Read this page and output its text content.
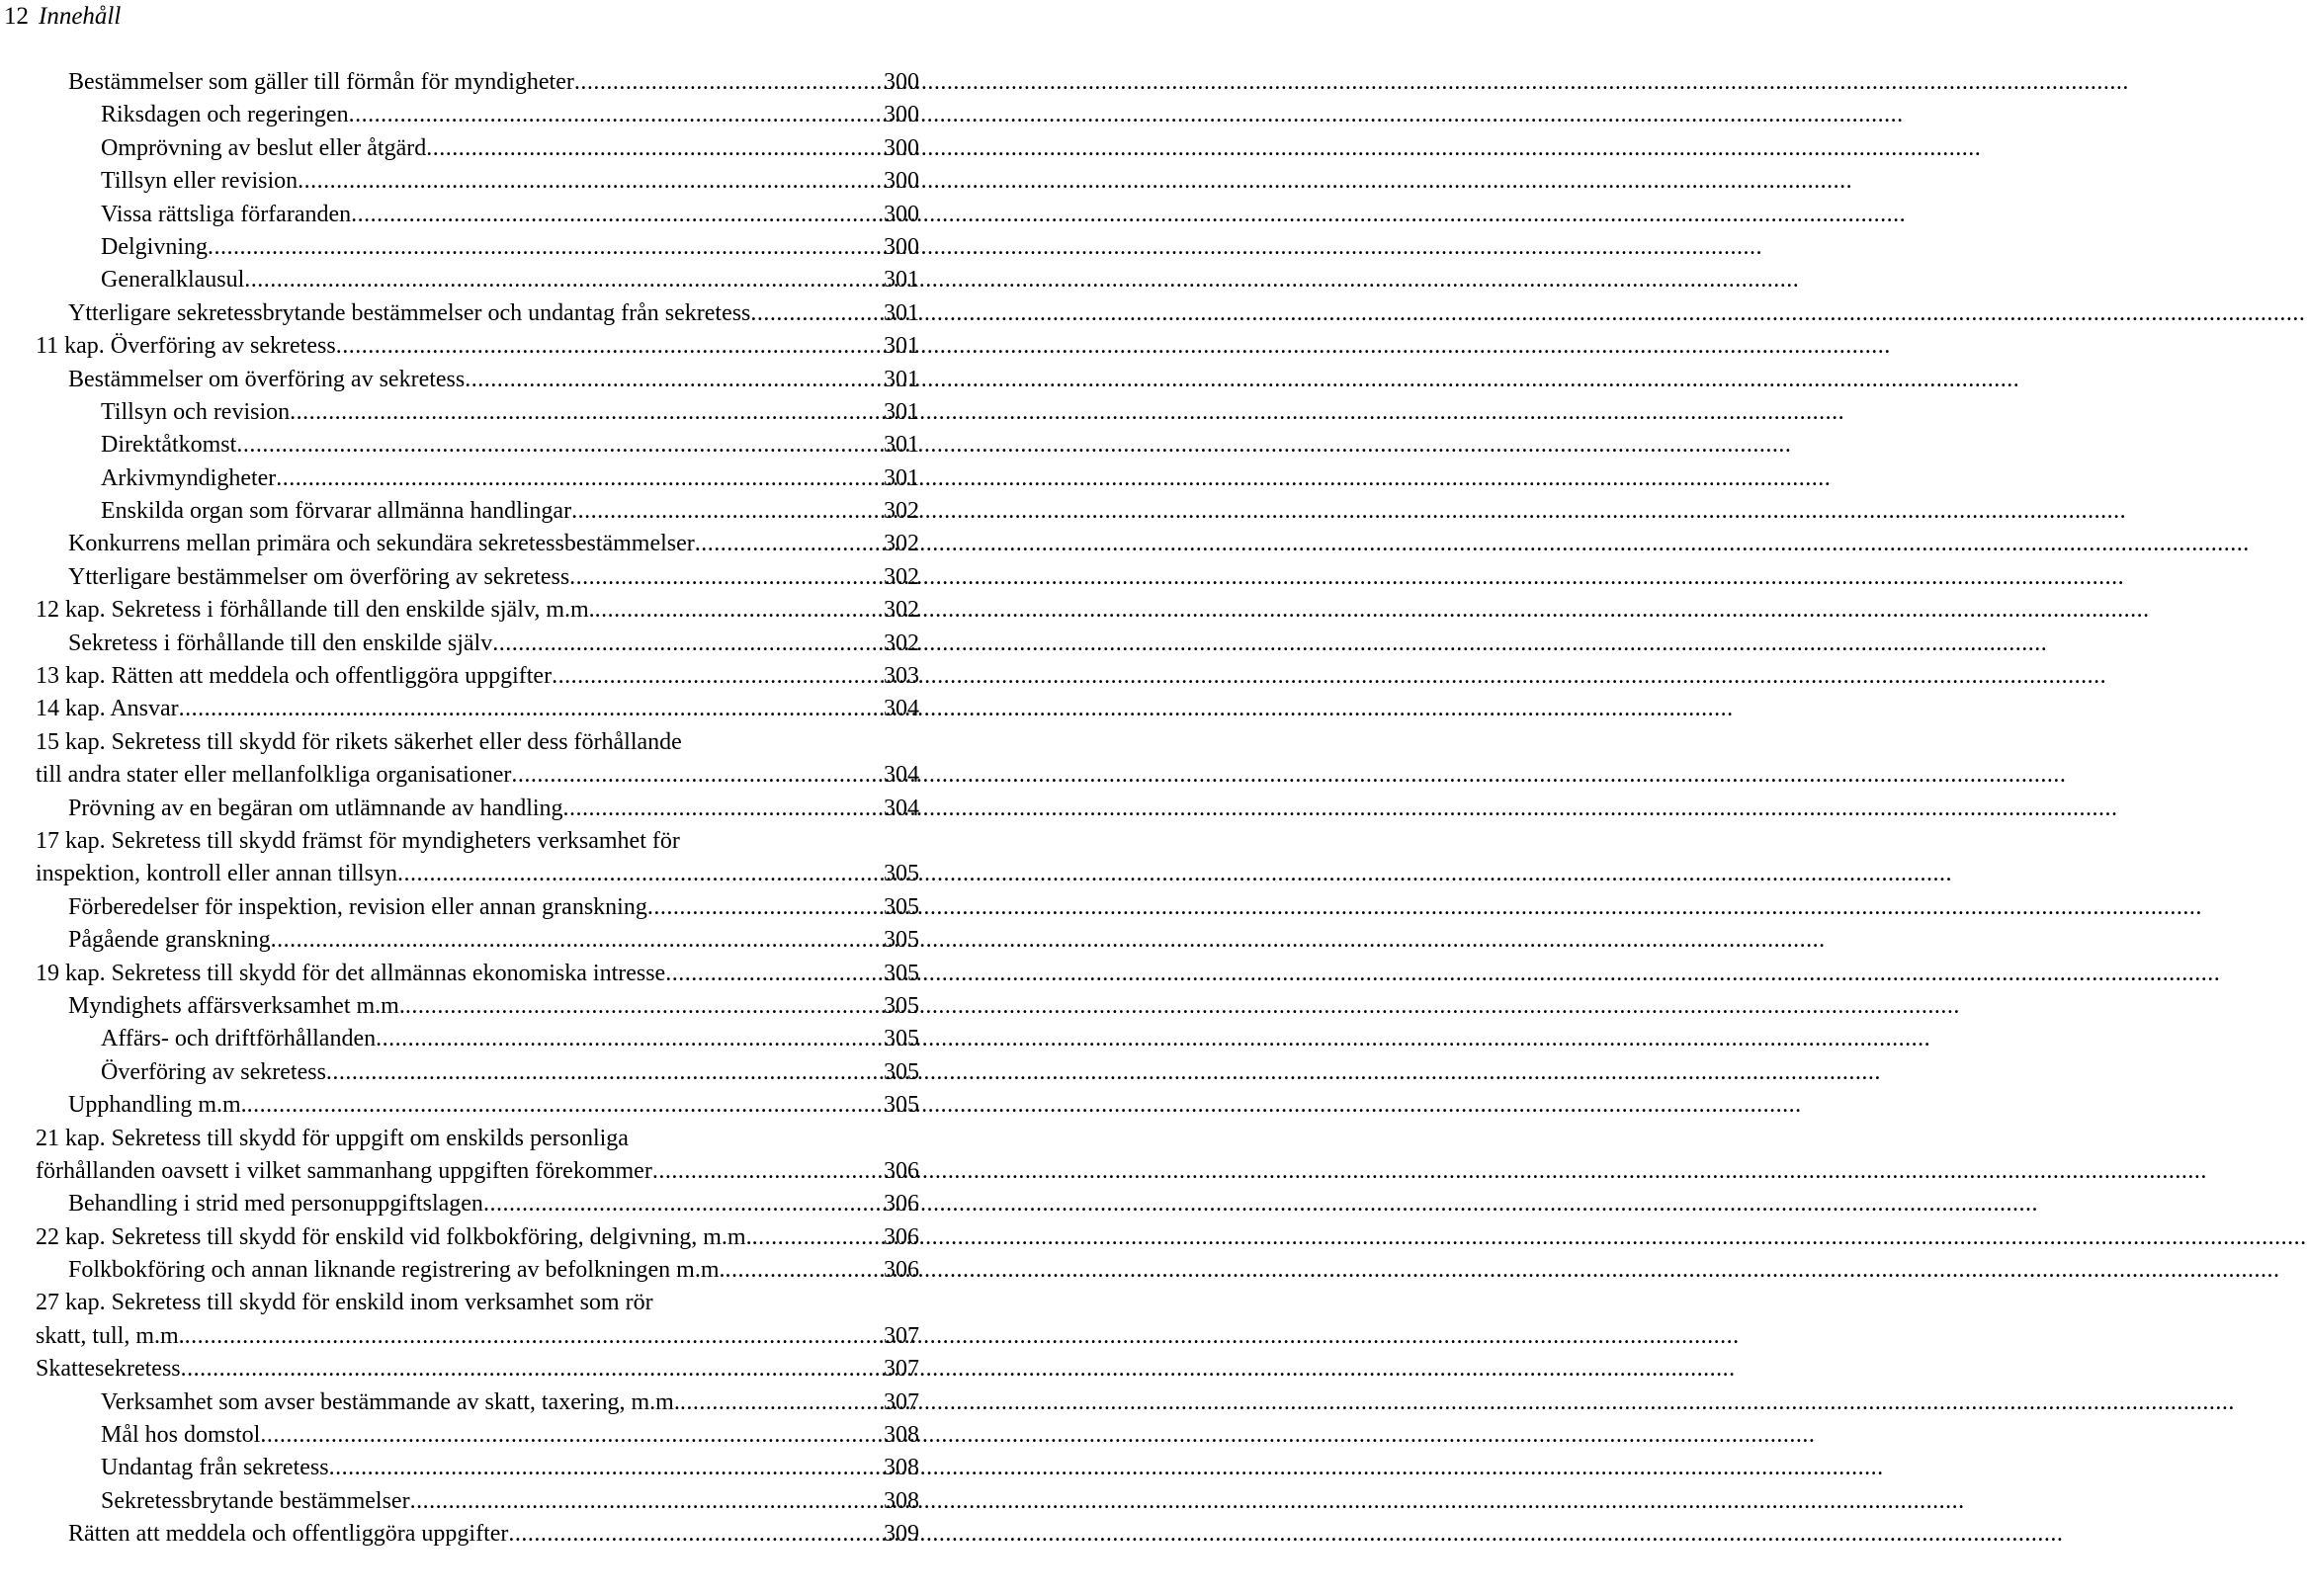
12 Innehåll
Bestämmelser som gäller till förmån för myndigheter .....	300
Riksdagen och regeringen .....	300
Omprövning av beslut eller åtgärd .....	300
Tillsyn eller revision .....	300
Vissa rättsliga förfaranden .....	300
Delgivning .....	300
Generalklausul .....	301
Ytterligare sekretessbrytande bestämmelser och undantag från sekretess .....	301
11 kap. Överföring av sekretess .....	301
Bestämmelser om överföring av sekretess .....	301
Tillsyn och revision .....	301
Direktåtkomst .....	301
Arkivmyndigheter .....	301
Enskilda organ som förvarar allmänna handlingar .....	302
Konkurrens mellan primära och sekundära sekretessbestämmelser .....	302
Ytterligare bestämmelser om överföring av sekretess .....	302
12 kap. Sekretess i förhållande till den enskilde själv, m.m. .....	302
Sekretess i förhållande till den enskilde själv .....	302
13 kap. Rätten att meddela och offentliggöra uppgifter .....	303
14 kap. Ansvar .....	304
15 kap. Sekretess till skydd för rikets säkerhet eller dess förhållande
till andra stater eller mellanfolkliga organisationer .....	304
Prövning av en begäran om utlämnande av handling .....	304
17 kap. Sekretess till skydd främst för myndigheters verksamhet för
inspektion, kontroll eller annan tillsyn .....	305
Förberedelser för inspektion, revision eller annan granskning .....	305
Pågående granskning .....	305
19 kap. Sekretess till skydd för det allmännas ekonomiska intresse .....	305
Myndighets affärsverksamhet m.m. .....	305
Affärs- och driftförhållanden .....	305
Överföring av sekretess .....	305
Upphandling m.m. .....	305
21 kap. Sekretess till skydd för uppgift om enskilds personliga
förhållanden oavsett i vilket sammanhang uppgiften förekommer .....	306
Behandling i strid med personuppgiftslagen .....	306
22 kap. Sekretess till skydd för enskild vid folkbokföring, delgivning, m.m. .....	306
Folkbokföring och annan liknande registrering av befolkningen m.m. .....	306
27 kap. Sekretess till skydd för enskild inom verksamhet som rör
skatt, tull, m.m. .....	307
Skattesekretess .....	307
Verksamhet som avser bestämmande av skatt, taxering, m.m. .....	307
Mål hos domstol .....	308
Undantag från sekretess .....	308
Sekretessbrytande bestämmelser .....	308
Rätten att meddela och offentliggöra uppgifter .....	309
